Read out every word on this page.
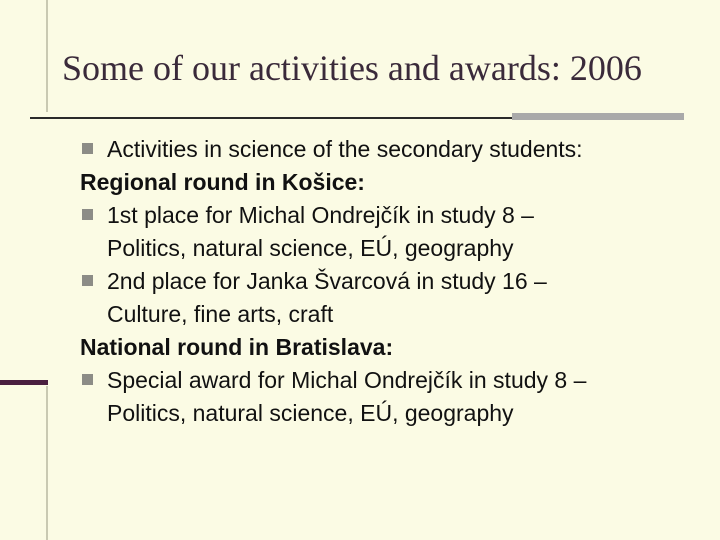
Some of our activities and awards: 2006
Activities in science of the secondary students:
Regional round in Košice:
1st place for Michal Ondrejčík in study 8 –
Politics, natural science, EÚ, geography
2nd place for Janka Švarcová in study 16 –
Culture, fine arts, craft
National round in Bratislava:
Special award for Michal Ondrejčík in study 8 –
Politics, natural science, EÚ, geography
